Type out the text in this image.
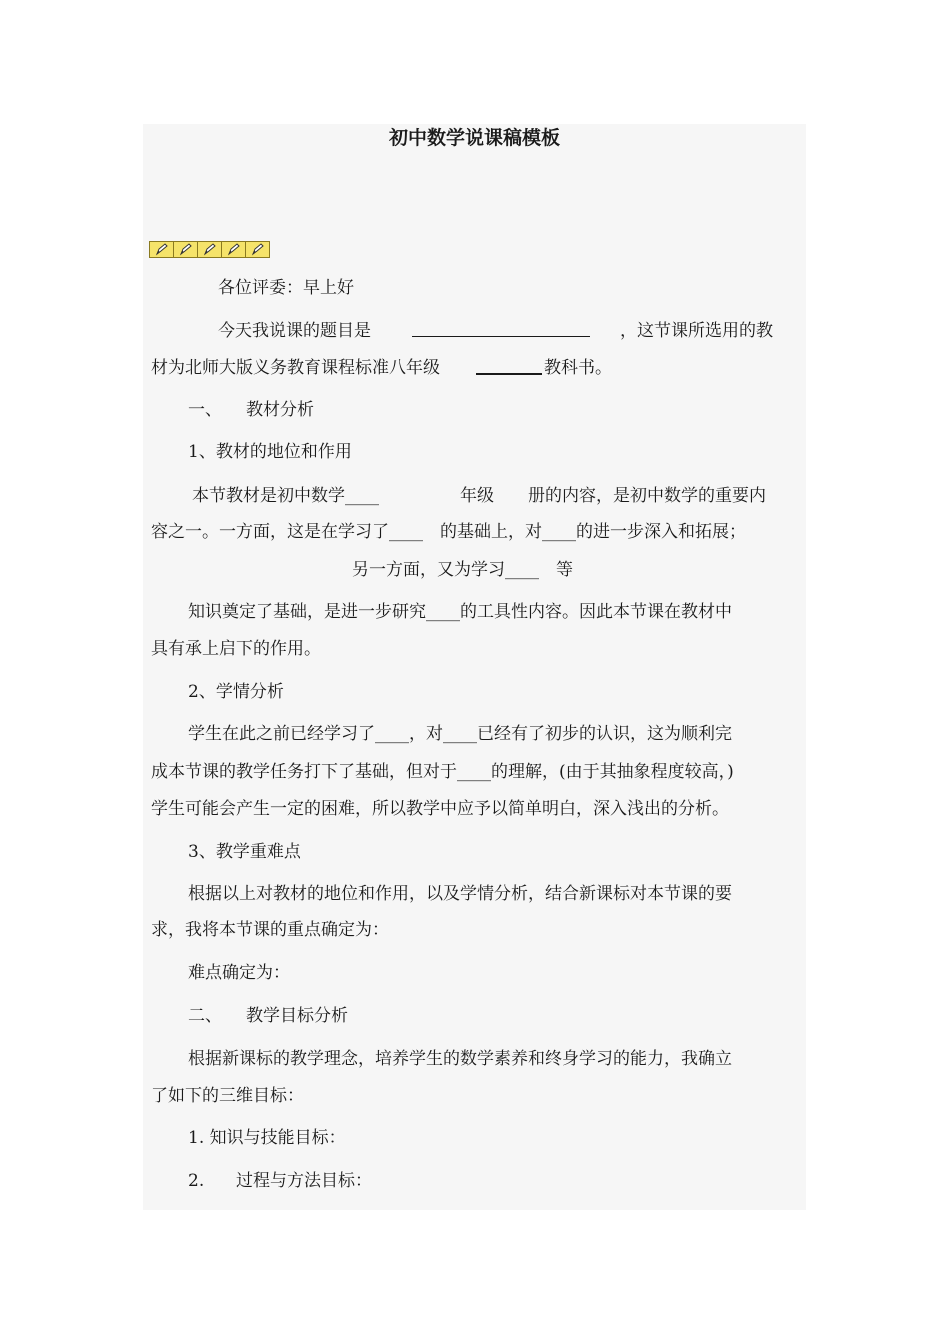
初中数学说课稿模板
各位评委：早上好
今天我说课的题目是	，这节课所选用的教
材为北师大版义务教育课程标准八年级	教科书。
一、 教材分析
1、教材的地位和作用
本节教材是初中数学____	年级 册的内容，是初中数学的重要内
容之一。一方面，这是在学习了____　的基础上，对____的进一步深入和拓展；
另一方面，又为学习____　等
知识奠定了基础，是进一步研究____的工具性内容。因此本节课在教材中
具有承上启下的作用。
2、学情分析
学生在此之前已经学习了____，对____已经有了初步的认识，这为顺利完
成本节课的教学任务打下了基础，但对于____的理解，(由于其抽象程度较高，)
学生可能会产生一定的困难，所以教学中应予以简单明白，深入浅出的分析。
3、教学重难点
根据以上对教材的地位和作用，以及学情分析，结合新课标对本节课的要
求，我将本节课的重点确定为：
难点确定为：
二、 教学目标分析
根据新课标的教学理念，培养学生的数学素养和终身学习的能力，我确立
了如下的三维目标：
1. 知识与技能目标：
2. 过程与方法目标：
